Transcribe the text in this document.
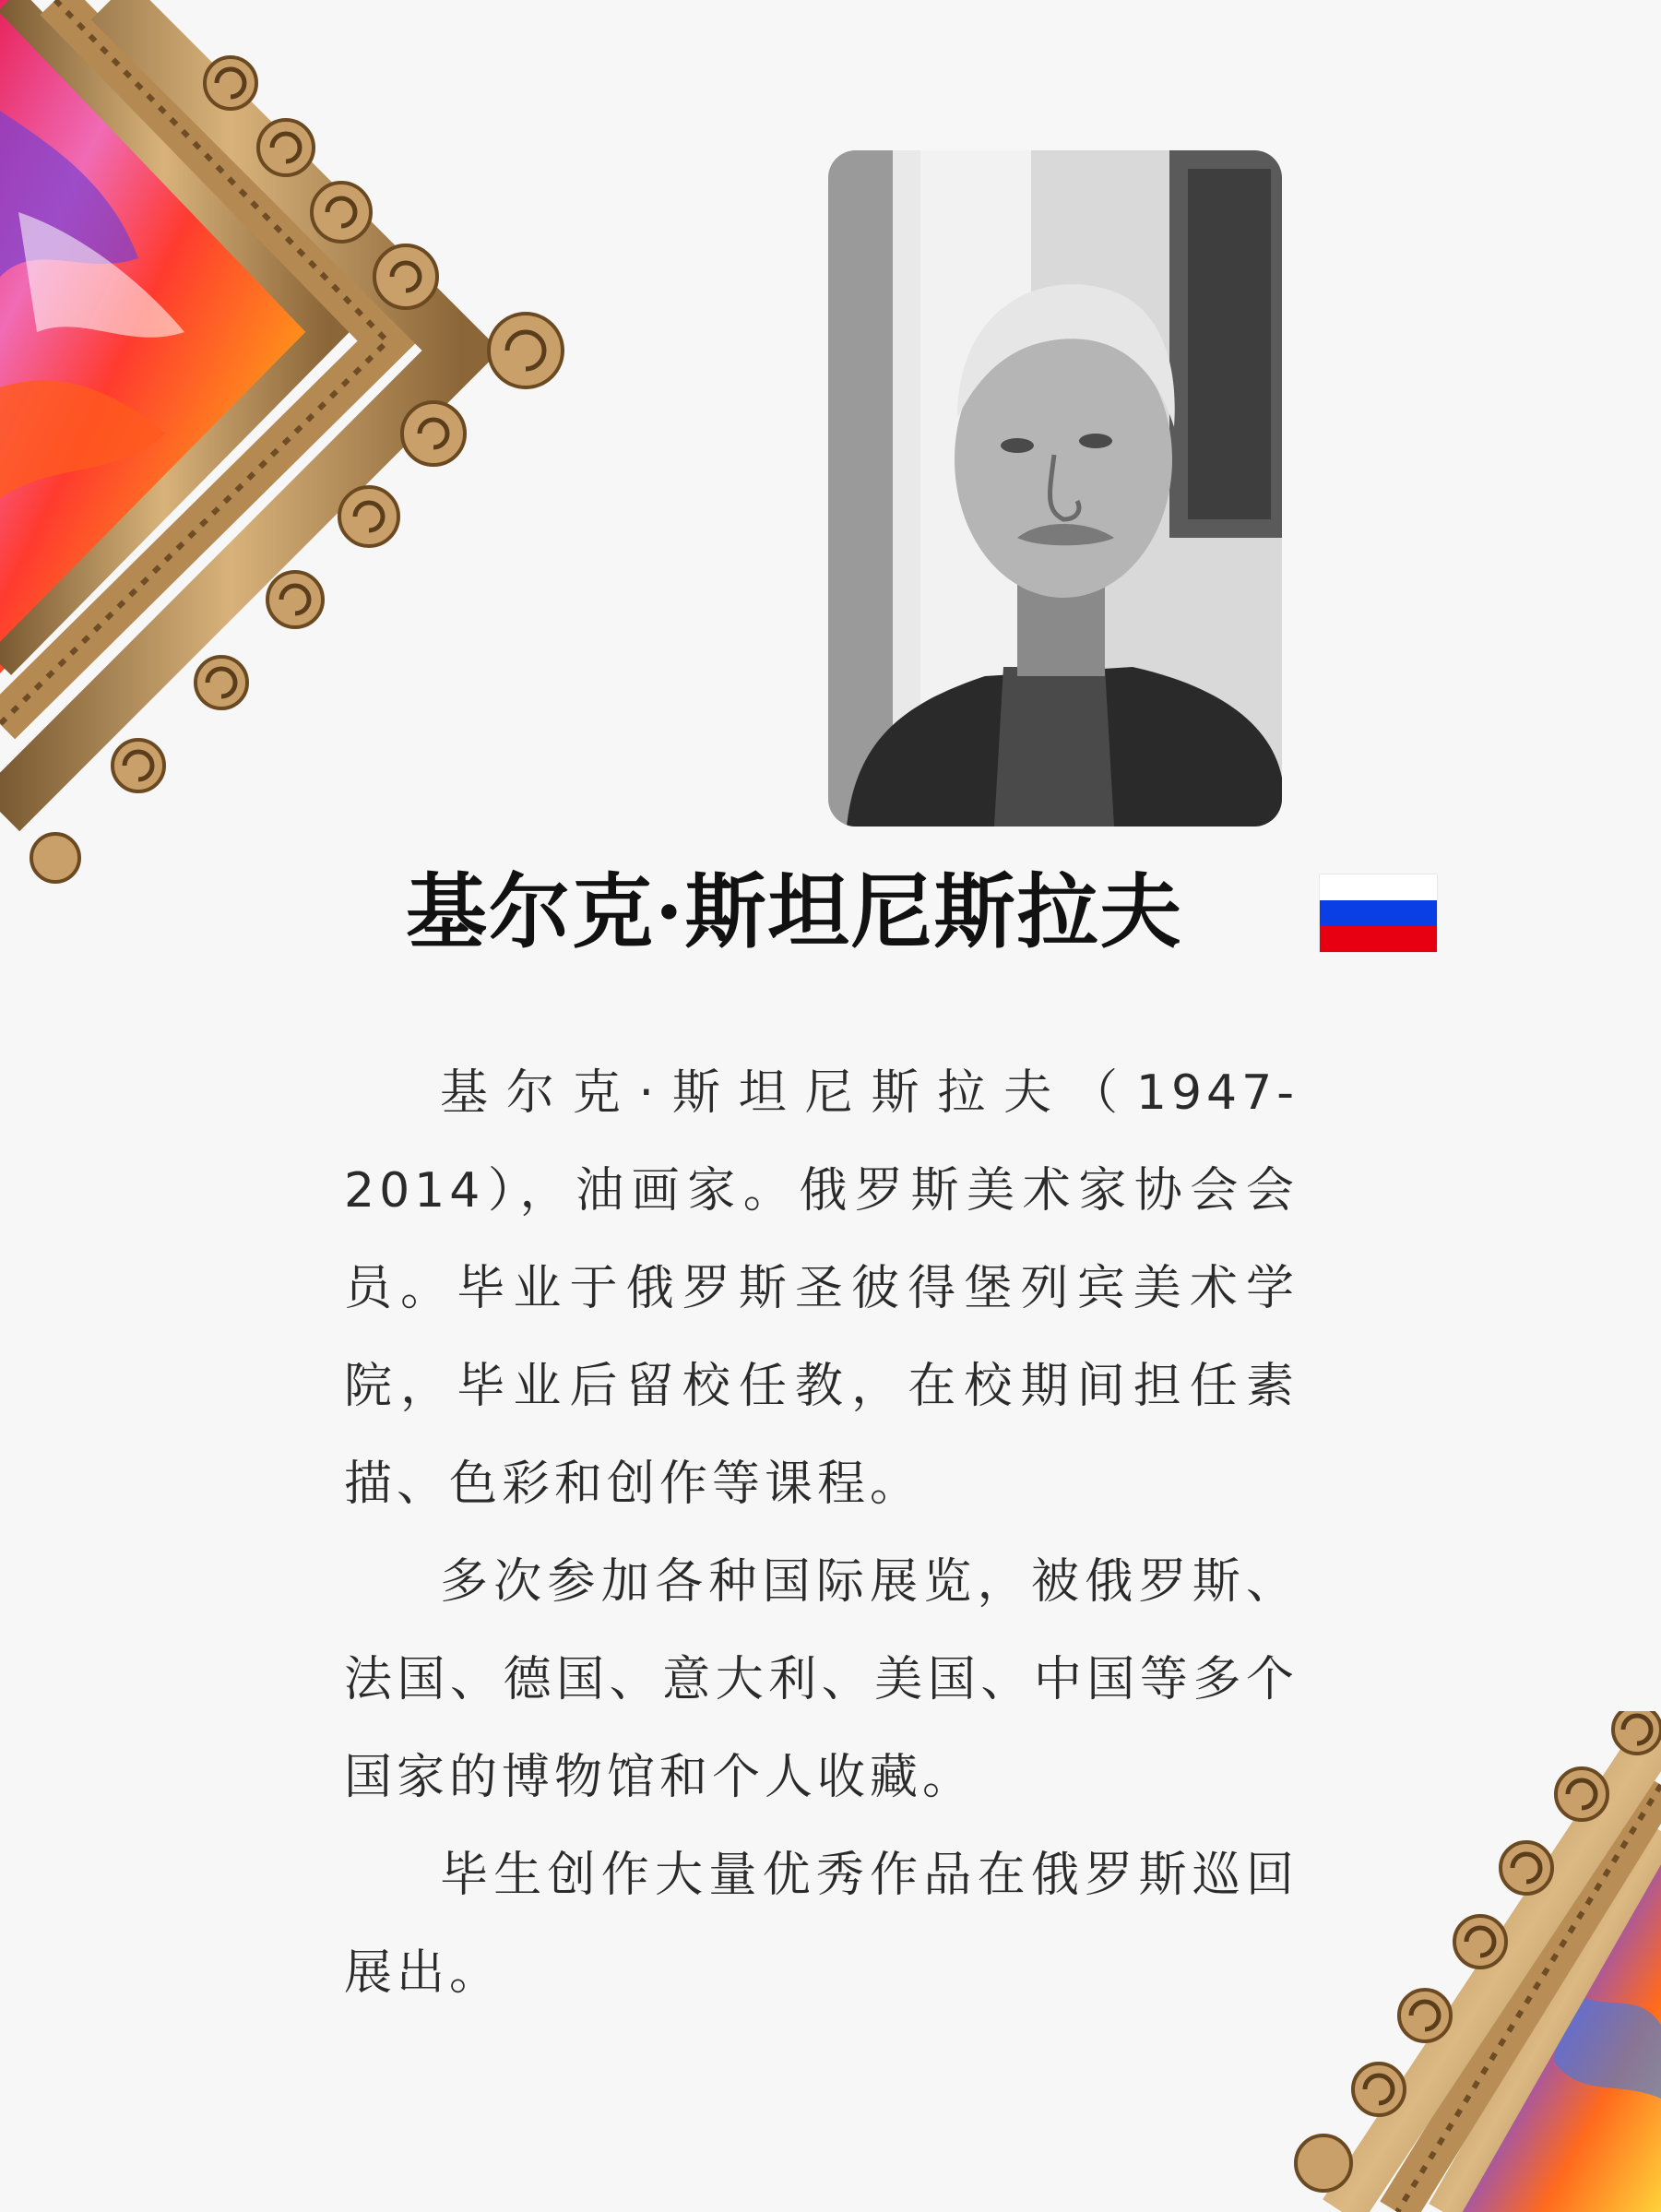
基尔克·斯坦尼斯拉夫

基尔克·斯坦尼斯拉夫（1947-2014），油画家。俄罗斯美术家协会会员。毕业于俄罗斯圣彼得堡列宾美术学院，毕业后留校任教，在校期间担任素描、色彩和创作等课程。

多次参加各种国际展览，被俄罗斯、法国、德国、意大利、美国、中国等多个国家的博物馆和个人收藏。

毕生创作大量优秀作品在俄罗斯巡回展出。
